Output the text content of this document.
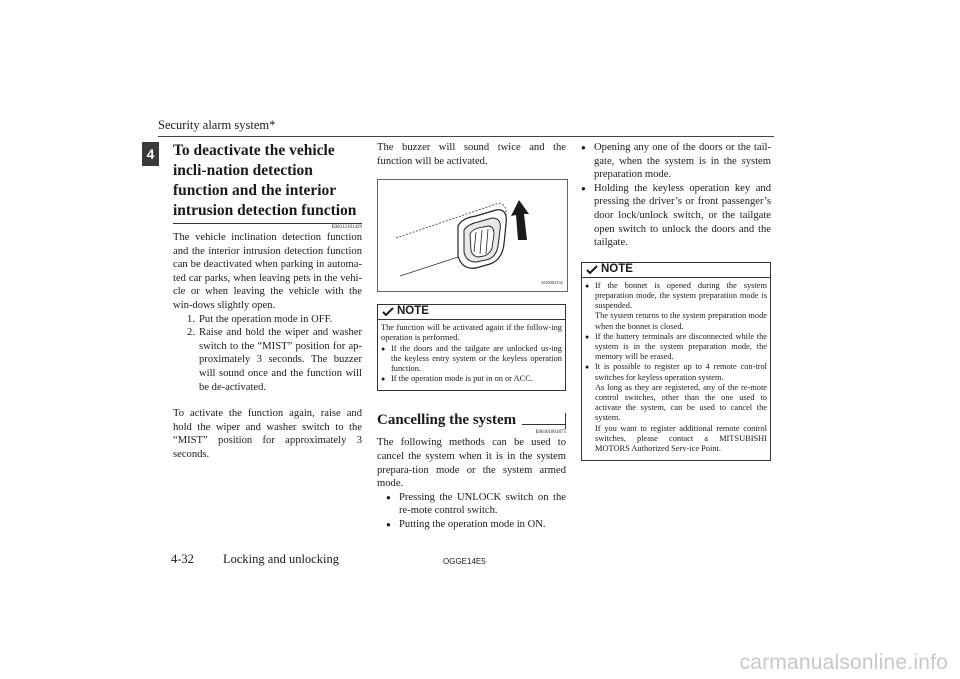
Security alarm system*
4 To deactivate the vehicle incli-nation detection function and the interior intrusion detection function
E00312101429

The vehicle inclination detection function and the interior intrusion detection function can be deactivated when parking in automa-ted car parks, when leaving pets in the vehi-cle or when leaving the vehicle with the win-dows slightly open.

1. Put the operation mode in OFF.
2. Raise and hold the wiper and washer switch to the “MIST” position for ap-proximately 3 seconds. The buzzer will sound once and the function will be de-activated.

To activate the function again, raise and hold the wiper and washer switch to the “MIST” position for approximately 3 seconds.

The buzzer will sound twice and the function will be activated.

AG0002332
NOTE

The function will be activated again if the follow-ing operation is performed.

● If the doors and the tailgate are unlocked us-ing the keyless entry system or the keyless operation function.
● If the operation mode is put in on or ACC.
Cancelling the system
E00301801875

The following methods can be used to cancel the system when it is in the system prepara-tion mode or the system armed mode.

● Pressing the UNLOCK switch on the re-mote control switch.
● Putting the operation mode in ON.
● Opening any one of the doors or the tail-gate, when the system is in the system preparation mode.
● Holding the keyless operation key and pressing the driver’s or front passenger’s door lock/unlock switch, or the tailgate open switch to unlock the doors and the tailgate.
NOTE
● If the bonnet is opened during the system preparation mode, the system preparation mode is suspended.
The system returns to the system preparation mode when the bonnet is closed.
● If the battery terminals are disconnected while the system is in the system preparation mode, the memory will be erased.
● It is possible to register up to 4 remote con-trol switches for keyless operation system.
As long as they are registered, any of the re-mote control switches, other than the one used to activate the system, can be used to cancel the system.
If you want to register additional remote control switches, please contact a MITSUBISHI MOTORS Authorized Serv-ice Point.
4-32 Locking and unlocking	OGGE14E5
carmanualsonline.info
